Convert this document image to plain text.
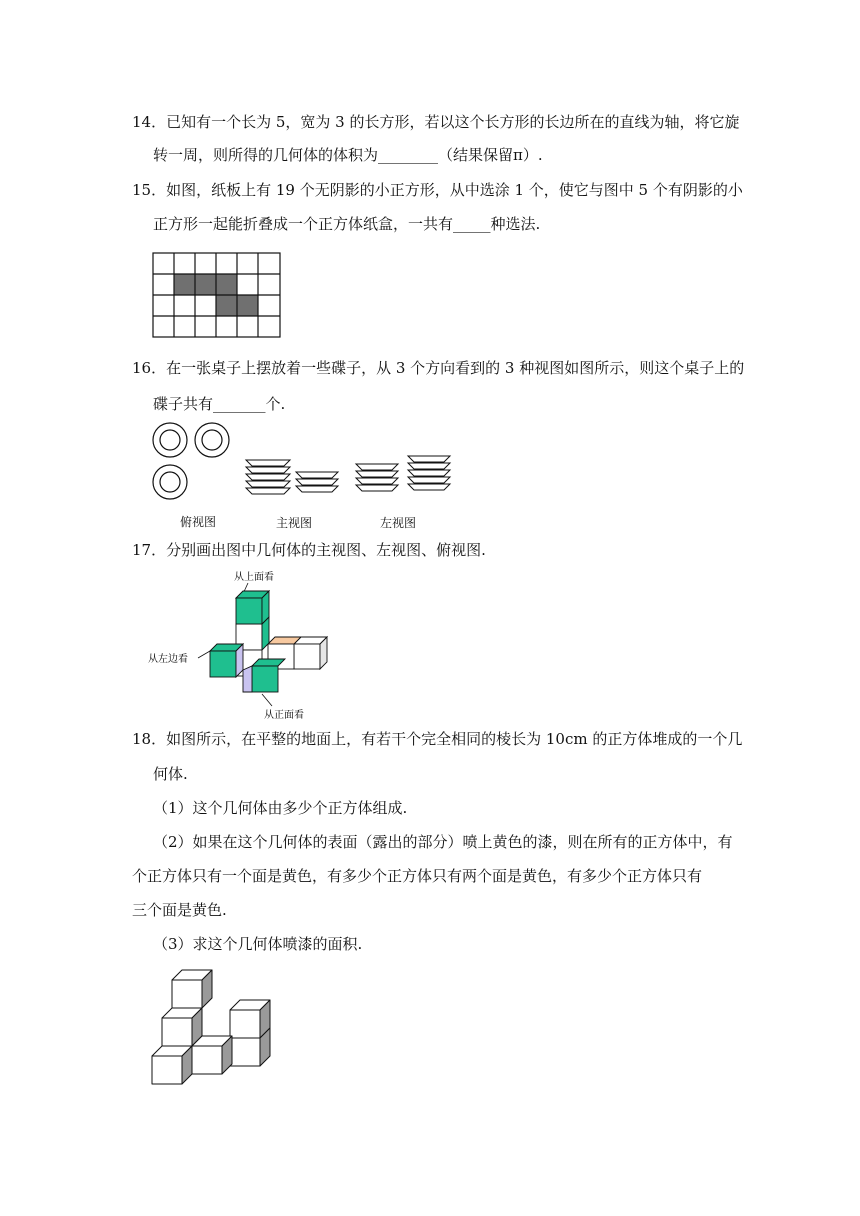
14．已知有一个长为 5，宽为 3 的长方形，若以这个长方形的长边所在的直线为轴，将它旋
转一周，则所得的几何体的体积为________（结果保留π）.
15．如图，纸板上有 19 个无阴影的小正方形，从中选涂 1 个，使它与图中 5 个有阴影的小
正方形一起能折叠成一个正方体纸盒，一共有_____种选法.
16．在一张桌子上摆放着一些碟子，从 3 个方向看到的 3 种视图如图所示，则这个桌子上的
碟子共有_______个.
俯视图	主视图	左视图
17．分别画出图中几何体的主视图、左视图、俯视图.
从上面看
从左边看
从正面看
18．如图所示，在平整的地面上，有若干个完全相同的棱长为 10cm 的正方体堆成的一个几
何体.
（1）这个几何体由多少个正方体组成.
（2）如果在这个几何体的表面（露出的部分）喷上黄色的漆，则在所有的正方体中，有
个正方体只有一个面是黄色，有多少个正方体只有两个面是黄色，有多少个正方体只有
三个面是黄色.
（3）求这个几何体喷漆的面积.
